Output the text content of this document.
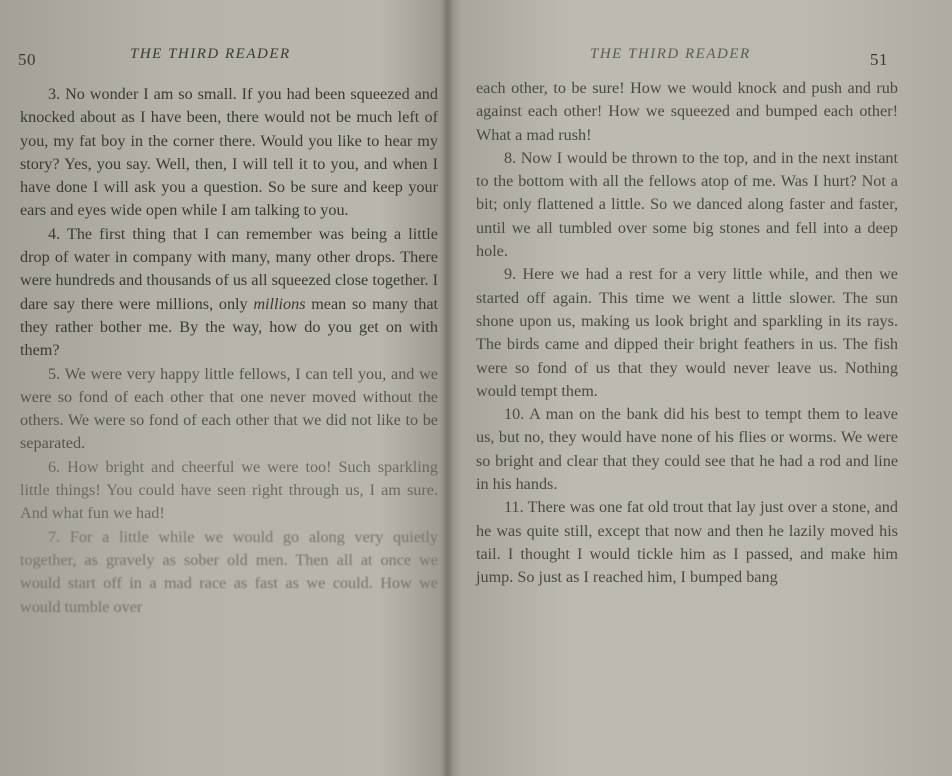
50	THE THIRD READER

3. No wonder I am so small. If you had been squeezed and knocked about as I have been, there would not be much left of you, my fat boy in the corner there. Would you like to hear my story? Yes, you say. Well, then, I will tell it to you, and when I have done I will ask you a question. So be sure and keep your ears and eyes wide open while I am talking to you.

4. The first thing that I can remember was being a little drop of water in company with many, many other drops. There were hundreds and thousands of us all squeezed close together. I dare say there were millions, only millions mean so many that they rather bother me. By the way, how do you get on with them?

5. We were very happy little fellows, I can tell you, and we were so fond of each other that one never moved without the others. We were so fond of each other that we did not like to be separated.

6. How bright and cheerful we were too! Such sparkling little things! You could have seen right through us, I am sure. And what fun we had!

7. For a little while we would go along very quietly together, as gravely as sober old men. Then all at once we would start off in a mad race as fast as we could. How we would tumble over

THE THIRD READER	51

each other, to be sure! How we would knock and push and rub against each other! How we squeezed and bumped each other! What a mad rush!

8. Now I would be thrown to the top, and in the next instant to the bottom with all the fellows atop of me. Was I hurt? Not a bit; only flattened a little. So we danced along faster and faster, until we all tumbled over some big stones and fell into a deep hole.

9. Here we had a rest for a very little while, and then we started off again. This time we went a little slower. The sun shone upon us, making us look bright and sparkling in its rays. The birds came and dipped their bright feathers in us. The fish were so fond of us that they would never leave us. Nothing would tempt them.

10. A man on the bank did his best to tempt them to leave us, but no, they would have none of his flies or worms. We were so bright and clear that they could see that he had a rod and line in his hands.

11. There was one fat old trout that lay just over a stone, and he was quite still, except that now and then he lazily moved his tail. I thought I would tickle him as I passed, and make him jump. So just as I reached him, I bumped bang
